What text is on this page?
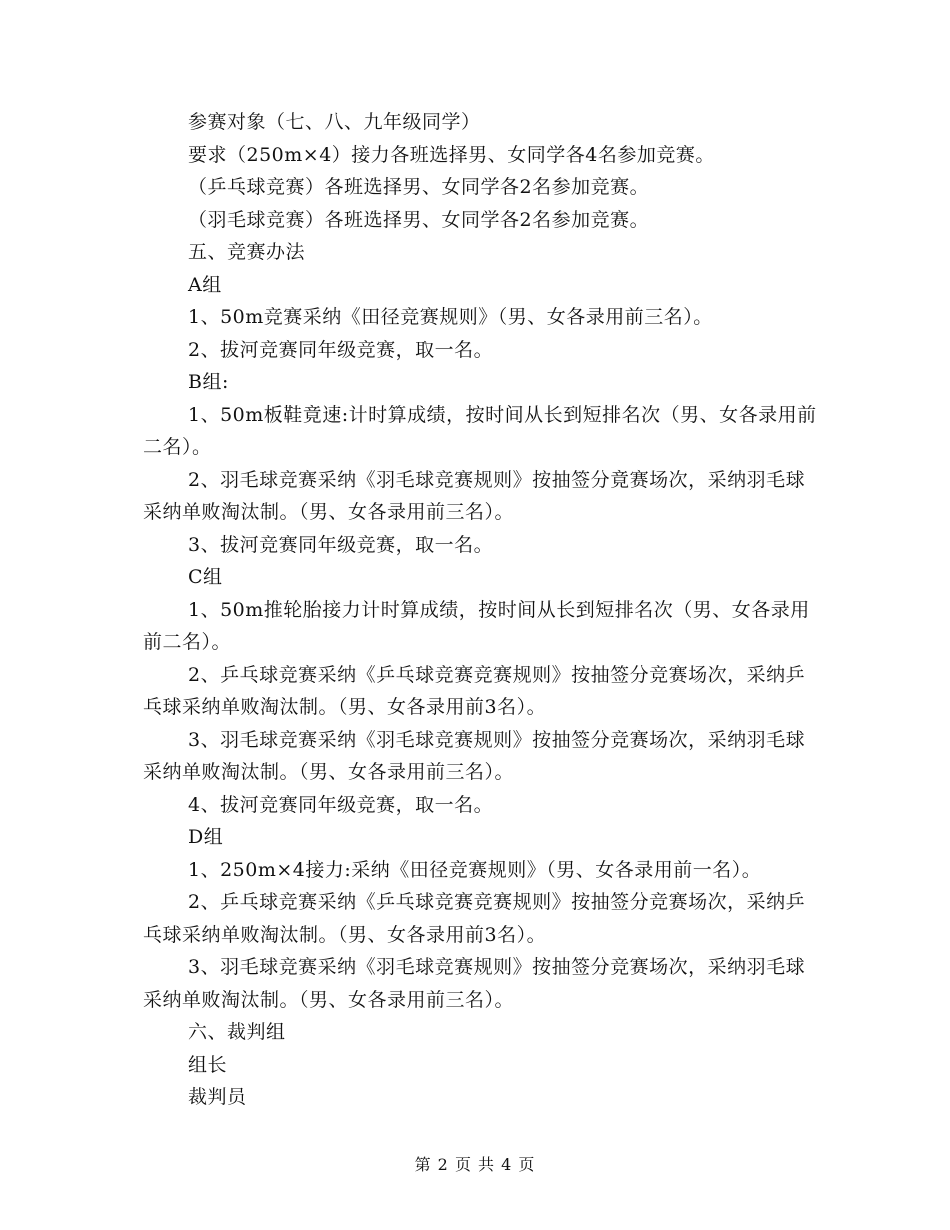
参赛对象（七、八、九年级同学）

要求（250m×4）接力各班选择男、女同学各4名参加竞赛。

（乒乓球竞赛）各班选择男、女同学各2名参加竞赛。

（羽毛球竞赛）各班选择男、女同学各2名参加竞赛。

五、竞赛办法

A组

1、50m竞赛采纳《田径竞赛规则》（男、女各录用前三名）。

2、拔河竞赛同年级竞赛，取一名。

B组:

1、50m板鞋竟速:计时算成绩，按时间从长到短排名次（男、女各录用前二名）。

2、羽毛球竞赛采纳《羽毛球竞赛规则》按抽签分竟赛场次，采纳羽毛球采纳单败淘汰制。（男、女各录用前三名）。

3、拔河竞赛同年级竞赛，取一名。

C组

1、50m推轮胎接力计时算成绩，按时间从长到短排名次（男、女各录用前二名）。

2、乒乓球竞赛采纳《乒乓球竞赛竞赛规则》按抽签分竞赛场次，采纳乒乓球采纳单败淘汰制。（男、女各录用前3名）。

3、羽毛球竞赛采纳《羽毛球竞赛规则》按抽签分竞赛场次，采纳羽毛球采纳单败淘汰制。（男、女各录用前三名）。

4、拔河竞赛同年级竞赛，取一名。

D组

1、250m×4接力:采纳《田径竞赛规则》（男、女各录用前一名）。

2、乒乓球竞赛采纳《乒乓球竞赛竞赛规则》按抽签分竞赛场次，采纳乒乓球采纳单败淘汰制。（男、女各录用前3名）。

3、羽毛球竞赛采纳《羽毛球竞赛规则》按抽签分竞赛场次，采纳羽毛球采纳单败淘汰制。（男、女各录用前三名）。

六、裁判组

组长

裁判员

第 2 页 共 4 页
